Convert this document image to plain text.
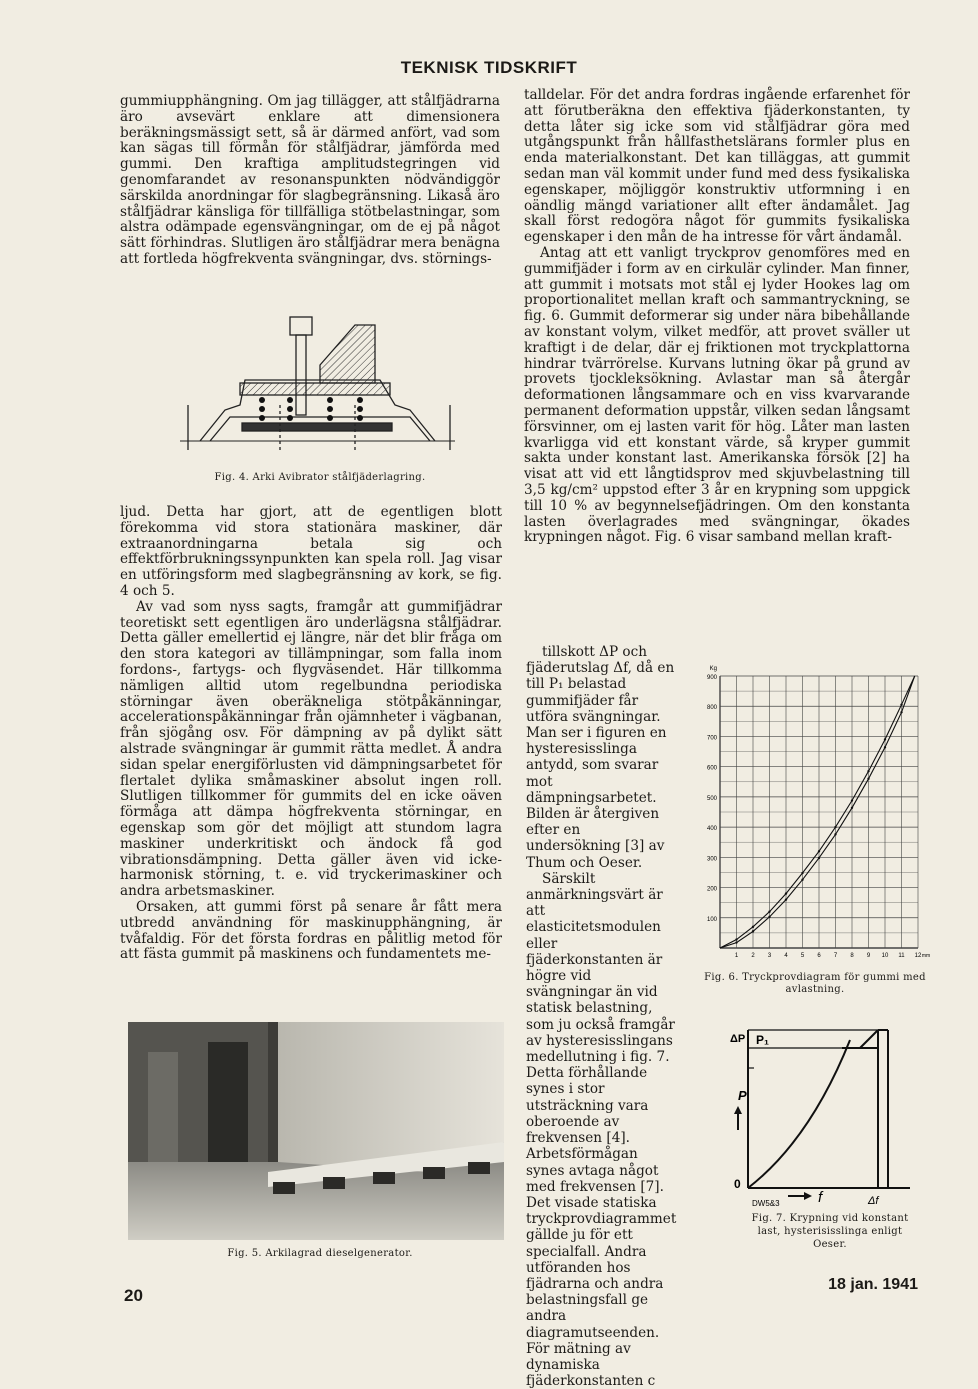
TEKNISK TIDSKRIFT

gummiupphängning. Om jag tillägger, att stålfjädrarna äro avsevärt enklare att dimensionera beräkningsmässigt sett, så är därmed anfört, vad som kan sägas till förmån för stålfjädrar, jämförda med gummi. Den kraftiga amplitudstegringen vid genomfarandet av resonanspunkten nödvändiggör särskilda anordningar för slagbegränsning. Likaså äro stålfjädrar känsliga för tillfälliga stötbelastningar, som alstra odämpade egensvängningar, om de ej på något sätt förhindras. Slutligen äro stålfjädrar mera benägna att fortleda högfrekventa svängningar, dvs. störnings-

Fig. 4. Arki Avibrator stålfjäderlagring.

ljud. Detta har gjort, att de egentligen blott förekomma vid stora stationära maskiner, där extraanordningarna betala sig och effektförbrukningssynpunkten kan spela roll. Jag visar en utföringsform med slagbegränsning av kork, se fig. 4 och 5.

Av vad som nyss sagts, framgår att gummifjädrar teoretiskt sett egentligen äro underlägsna stålfjädrar. Detta gäller emellertid ej längre, när det blir fråga om den stora kategori av tillämpningar, som falla inom fordons-, fartygs- och flygväsendet. Här tillkomma nämligen alltid utom regelbundna periodiska störningar även oberäkneliga stötpåkänningar, accelerationspåkänningar från ojämnheter i vägbanan, från sjögång osv. För dämpning av på dylikt sätt alstrade svängningar är gummit rätta medlet. Å andra sidan spelar energiförlusten vid dämpningsarbetet för flertalet dylika småmaskiner absolut ingen roll. Slutligen tillkommer för gummits del en icke oäven förmåga att dämpa högfrekventa störningar, en egenskap som gör det möjligt att stundom lagra maskiner underkritiskt och ändock få god vibrationsdämpning. Detta gäller även vid icke-harmonisk störning, t. e. vid tryckerimaskiner och andra arbetsmaskiner.

Orsaken, att gummi först på senare år fått mera utbredd användning för maskinupphängning, är tvåfaldig. För det första fordras en pålitlig metod för att fästa gummit på maskinens och fundamentets me-

Fig. 5. Arkilagrad dieselgenerator.

talldelar. För det andra fordras ingående erfarenhet för att förutberäkna den effektiva fjäderkonstanten, ty detta låter sig icke som vid stålfjädrar göra med utgångspunkt från hållfasthetslärans formler plus en enda materialkonstant. Det kan tilläggas, att gummit sedan man väl kommit under fund med dess fysikaliska egenskaper, möjliggör konstruktiv utformning i en oändlig mängd variationer allt efter ändamålet. Jag skall först redogöra något för gummits fysikaliska egenskaper i den mån de ha intresse för vårt ändamål.

Antag att ett vanligt tryckprov genomföres med en gummifjäder i form av en cirkulär cylinder. Man finner, att gummit i motsats mot stål ej lyder Hookes lag om proportionalitet mellan kraft och sammantryckning, se fig. 6. Gummit deformerar sig under nära bibehållande av konstant volym, vilket medför, att provet sväller ut kraftigt i de delar, där ej friktionen mot tryckplattorna hindrar tvärrörelse. Kurvans lutning ökar på grund av provets tjockleksökning. Avlastar man så återgår deformationen långsammare och en viss kvarvarande permanent deformation uppstår, vilken sedan långsamt försvinner, om ej lasten varit för hög. Låter man lasten kvarligga vid ett konstant värde, så kryper gummit sakta under konstant last. Amerikanska försök [2] ha visat att vid ett långtidsprov med skjuvbelastning till 3,5 kg/cm² uppstod efter 3 år en krypning som uppgick till 10 % av begynnelsefjädringen. Om den konstanta lasten överlagrades med svängningar, ökades krypningen något. Fig. 6 visar samband mellan kraft-

tillskott ΔP och fjäderutslag Δf, då en till P₁ belastad gummifjäder får utföra svängningar. Man ser i figuren en hysteresisslinga antydd, som svarar mot dämpningsarbetet. Bilden är återgiven efter en undersökning [3] av Thum och Oeser.

Särskilt anmärkningsvärt är att elasticitetsmodulen eller fjäderkonstanten är högre vid svängningar än vid statisk belastning, som ju också framgår av hysteresisslingans medellutning i fig. 7. Detta förhållande synes i stor utsträckning vara oberoende av frekvensen [4]. Arbetsförmågan synes avtaga något med frekvensen [7]. Det visade statiska tryckprovdiagrammet gällde ju för ett specialfall. Andra utföranden hos fjädrarna och andra belastningsfall ge andra diagramutseenden. För mätning av dynamiska fjäderkonstanten c

100
200
300
400
500
600
700
800
900
Kg
1 2 3 4 5 6 7 8 9 10 11 12 mm
Fig. 6. Tryckprovdiagram för gummi med avlastning.
P₁
ΔP
P
0
f	Δf
DW5&3
Fig. 7. Krypning vid konstant last, hysterisisslinga enligt Oeser.
20
18 jan. 1941
